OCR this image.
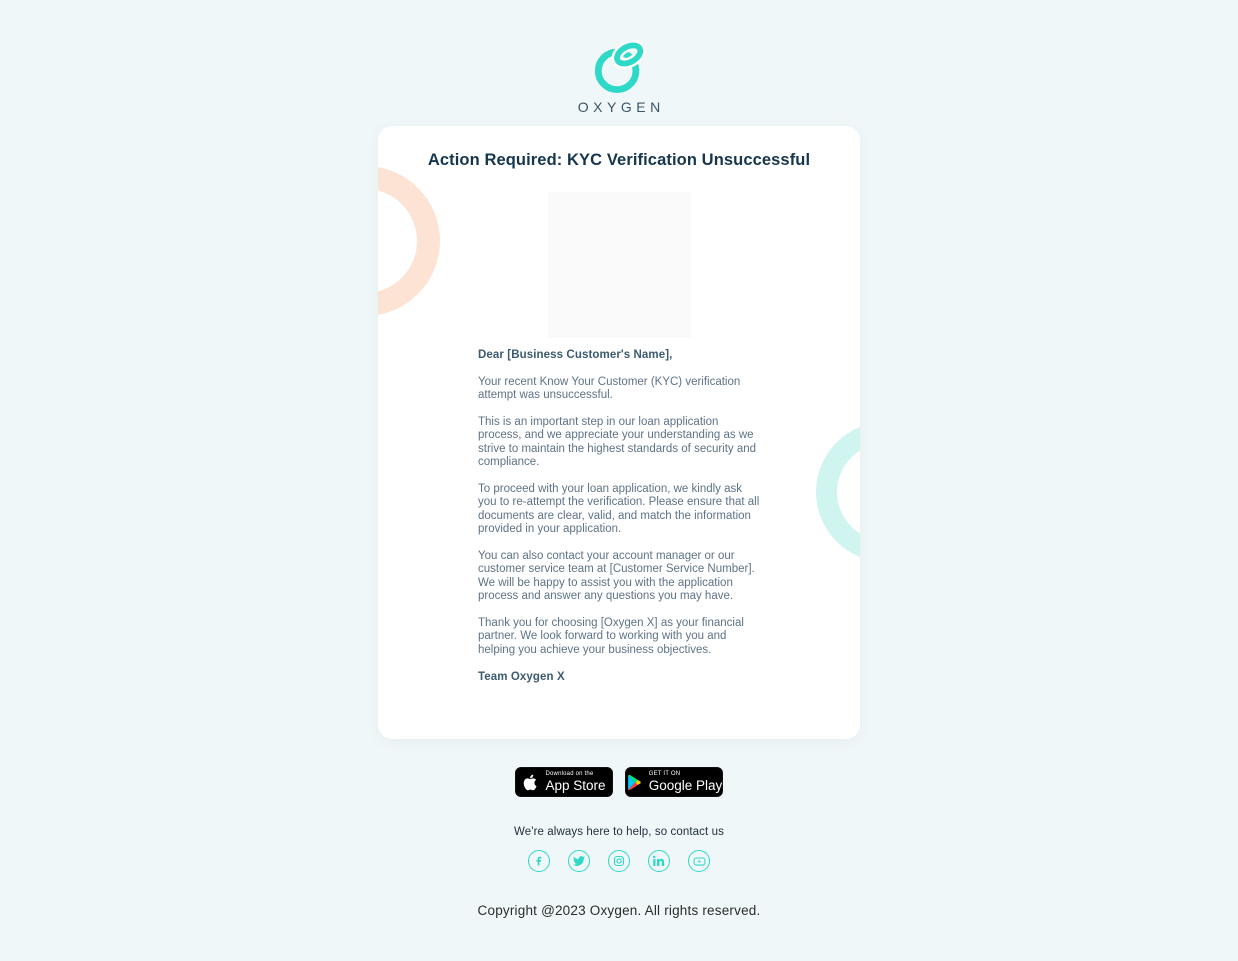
OXYGEN
Action Required: KYC Verification Unsuccessful
Dear [Business Customer's Name],

Your recent Know Your Customer (KYC) verification attempt was unsuccessful.

This is an important step in our loan application process, and we appreciate your understanding as we strive to maintain the highest standards of security and compliance.

To proceed with your loan application, we kindly ask you to re-attempt the verification. Please ensure that all documents are clear, valid, and match the information provided in your application.

You can also contact your account manager or our customer service team at [Customer Service Number]. We will be happy to assist you with the application process and answer any questions you may have.

Thank you for choosing [Oxygen X] as your financial partner. We look forward to working with you and helping you achieve your business objectives.

Team Oxygen X
Download on the
App Store
GET IT ON
Google Play
We're always here to help, so contact us
Copyright @2023 Oxygen. All rights reserved.
